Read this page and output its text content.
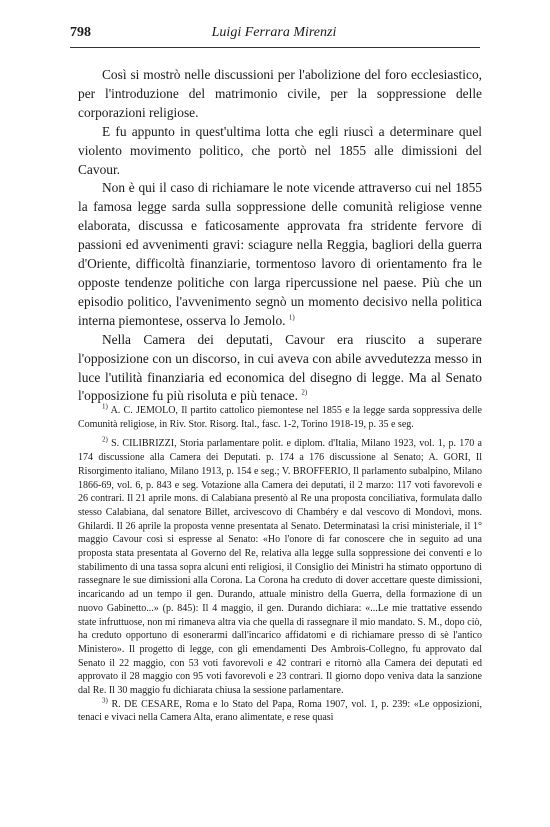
798	Luigi Ferrara Mirenzi

Così si mostrò nelle discussioni per l'abolizione del foro ecclesiastico, per l'introduzione del matrimonio civile, per la soppressione delle corporazioni religiose.

E fu appunto in quest'ultima lotta che egli riuscì a determinare quel violento movimento politico, che portò nel 1855 alle dimissioni del Cavour.

Non è qui il caso di richiamare le note vicende attraverso cui nel 1855 la famosa legge sarda sulla soppressione delle comunità religiose venne elaborata, discussa e faticosamente approvata fra stridente fervore di passioni ed avvenimenti gravi: sciagure nella Reggia, bagliori della guerra d'Oriente, difficoltà finanziarie, tormentoso lavoro di orientamento fra le opposte tendenze politiche con larga ripercussione nel paese. Più che un episodio politico, l'avvenimento segnò un momento decisivo nella politica interna piemontese, osserva lo Jemolo. $^{1)}$

Nella Camera dei deputati, Cavour era riuscito a superare l'opposizione con un discorso, in cui aveva con abile avvedutezza messo in luce l'utilità finanziaria ed economica del disegno di legge. Ma al Senato l'opposizione fu più risoluta e più tenace. $^{2)}$

$^{1)}$ A. C. JEMOLO, Il partito cattolico piemontese nel 1855 e la legge sarda soppressiva delle Comunità religiose, in Riv. Stor. Risorg. Ital., fasc. 1-2, Torino 1918-19, p. 35 e seg.

$^{2)}$ S. CILIBRIZZI, Storia parlamentare polit. e diplom. d'Italia, Milano 1923, vol. 1, p. 170 a 174 discussione alla Camera dei Deputati. p. 174 a 176 discussione al Senato; A. GORI, Il Risorgimento italiano, Milano 1913, p. 154 e seg.; V. BROFFERIO, Il parlamento subalpino, Milano 1866-69, vol. 6, p. 843 e seg. Votazione alla Camera dei deputati, il 2 marzo: 117 voti favorevoli e 26 contrari. Il 21 aprile mons. di Calabiana presentò al Re una proposta conciliativa, formulata dallo stesso Calabiana, dal senatore Billet, arcivescovo di Chambéry e dal vescovo di Mondovì, mons. Ghilardi. Il 26 aprile la proposta venne presentata al Senato. Determinatasi la crisi ministeriale, il 1° maggio Cavour così si espresse al Senato: «Ho l'onore di far conoscere che in seguito ad una proposta stata presentata al Governo del Re, relativa alla legge sulla soppressione dei conventi e lo stabilimento di una tassa sopra alcuni enti religiosi, il Consiglio dei Ministri ha stimato opportuno di rassegnare le sue dimissioni alla Corona. La Corona ha creduto di dover accettare queste dimissioni, incaricando ad un tempo il gen. Durando, attuale ministro della Guerra, della formazione di un nuovo Gabinetto...» (p. 845): Il 4 maggio, il gen. Durando dichiara: «...Le mie trattative essendo state infruttuose, non mi rimaneva altra via che quella di rassegnare il mio mandato. S. M., dopo ciò, ha creduto opportuno di esonerarmi dall'incarico affidatomi e di richiamare presso di sè l'antico Ministero». Il progetto di legge, con gli emendamenti Des Ambrois-Collegno, fu approvato dal Senato il 22 maggio, con 53 voti favorevoli e 42 contrari e ritornò alla Camera dei deputati ed approvato il 28 maggio con 95 voti favorevoli e 23 contrari. Il giorno dopo veniva data la sanzione dal Re. Il 30 maggio fu dichiarata chiusa la sessione parlamentare.

$^{3)}$ R. DE CESARE, Roma e lo Stato del Papa, Roma 1907, vol. 1, p. 239: «Le opposizioni, tenaci e vivaci nella Camera Alta, erano alimentate, e rese quasi
